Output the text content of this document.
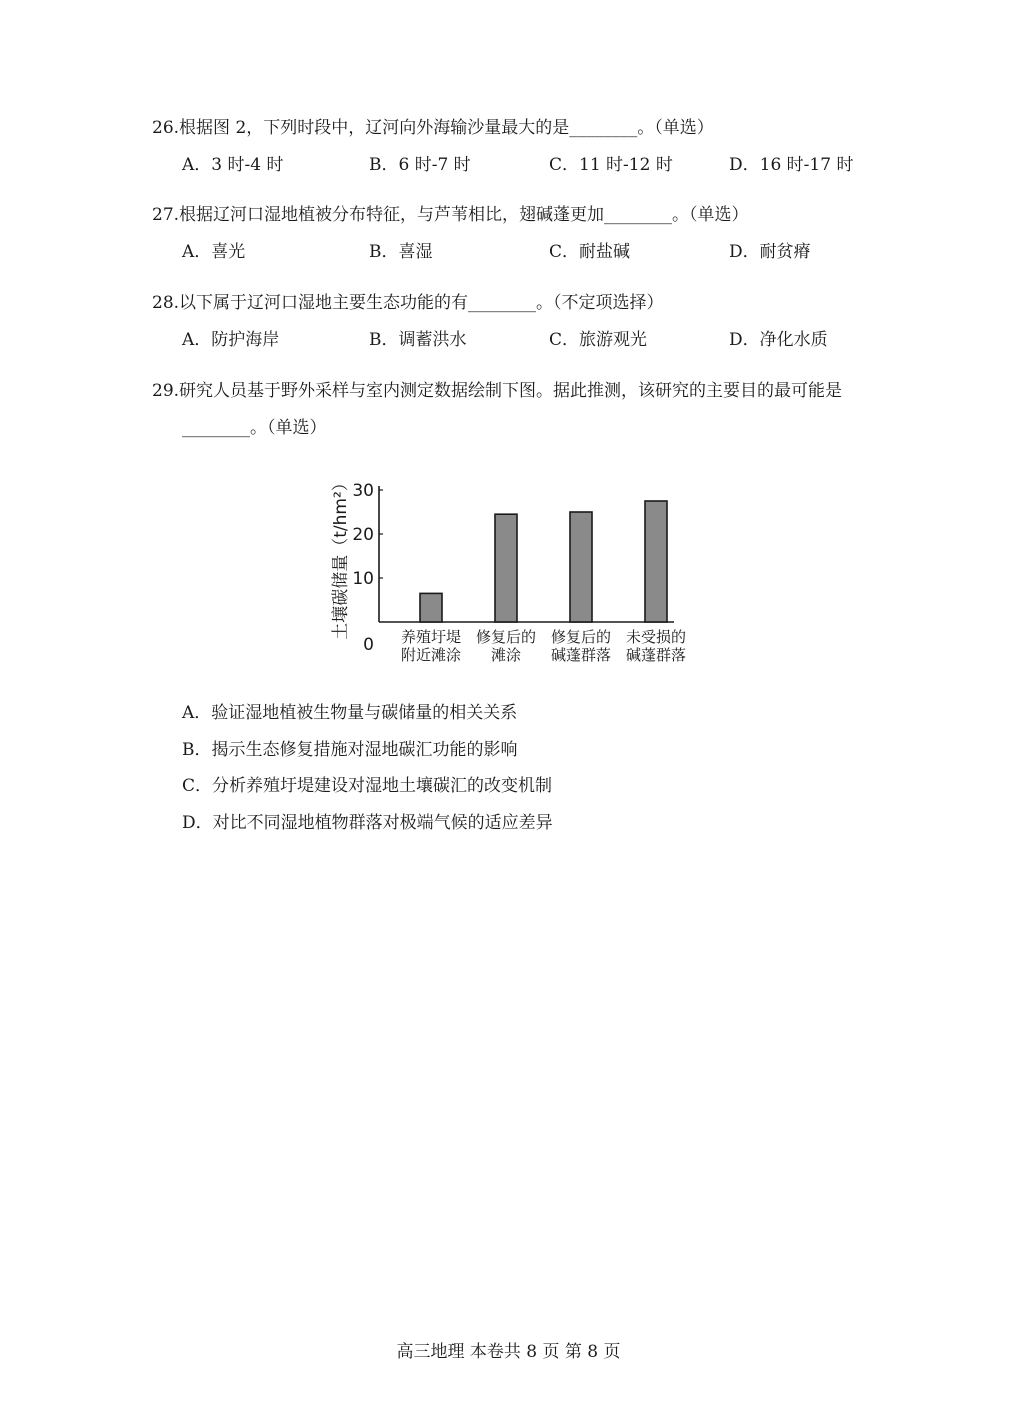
26.根据图 2，下列时段中，辽河向外海输沙量最大的是________。（单选）
A．3 时-4 时	B．6 时-7 时	C．11 时-12 时	D．16 时-17 时
27.根据辽河口湿地植被分布特征，与芦苇相比，翅碱蓬更加________。（单选）
A．喜光	B．喜湿	C．耐盐碱	D．耐贫瘠
28.以下属于辽河口湿地主要生态功能的有________。（不定项选择）
A．防护海岸	B．调蓄洪水	C．旅游观光	D．净化水质
29.研究人员基于野外采样与室内测定数据绘制下图。据此推测，该研究的主要目的最可能是
________。（单选）
土壤碳储量（t/hm²）
0
10
20
30
养殖圩堤
附近滩涂
修复后的
滩涂
修复后的
碱蓬群落
未受损的
碱蓬群落
A．验证湿地植被生物量与碳储量的相关关系
B．揭示生态修复措施对湿地碳汇功能的影响
C．分析养殖圩堤建设对湿地土壤碳汇的改变机制
D．对比不同湿地植物群落对极端气候的适应差异
高三地理 本卷共 8 页 第 8 页
